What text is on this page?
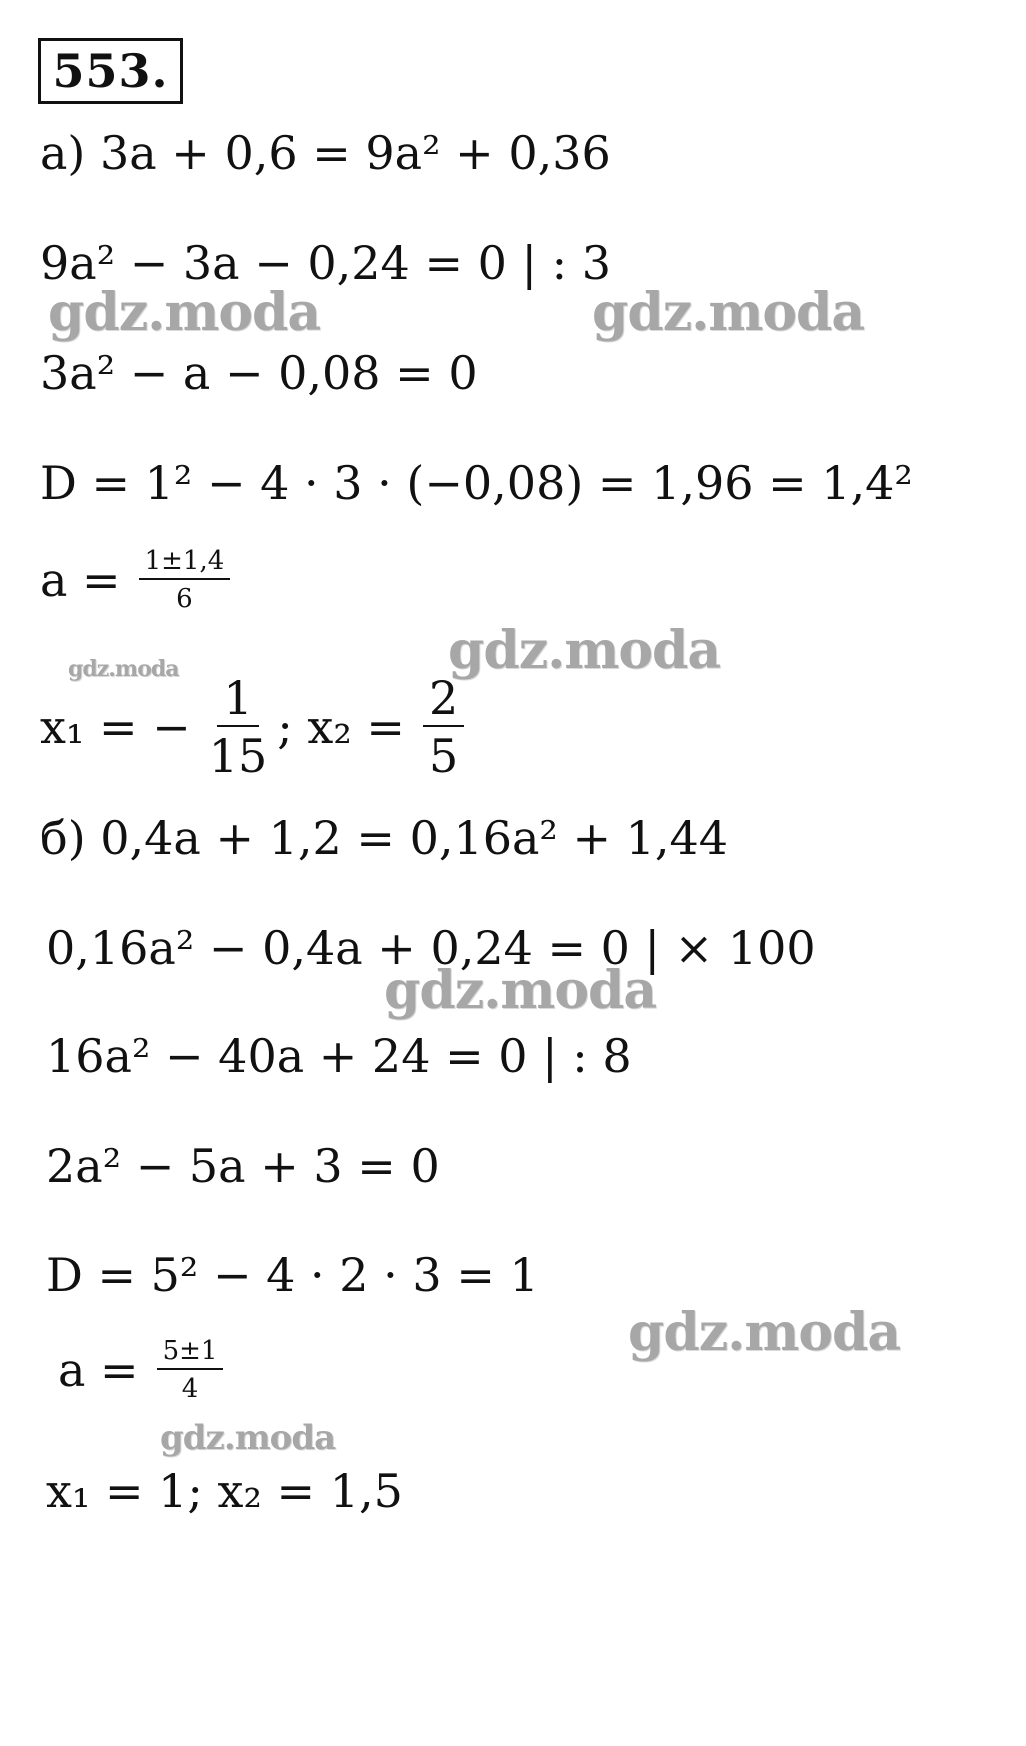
553.
а) 3a + 0,6 = 9a² + 0,36
9a² − 3a − 0,24 = 0 | : 3
3a² − a − 0,08 = 0
D = 1² − 4 · 3 · (−0,08) = 1,96 = 1,4²
$a = \frac{1\pm 1,4}{6}$
x₁ = − $\frac{1}{15}$ ; $x_2 = \frac{2}{5}$
б) 0,4a + 1,2 = 0,16a² + 1,44
0,16a² − 0,4a + 0,24 = 0 | × 100
16a² − 40a + 24 = 0 | : 8
2a² − 5a + 3 = 0
D = 5² − 4 · 2 · 3 = 1
$a = \frac{5\pm 1}{4}$
x₁ = 1; x₂ = 1,5
gdz.moda	gdz.moda
gdz.moda
gdz.moda
gdz.moda
gdz.moda
gdz.moda
